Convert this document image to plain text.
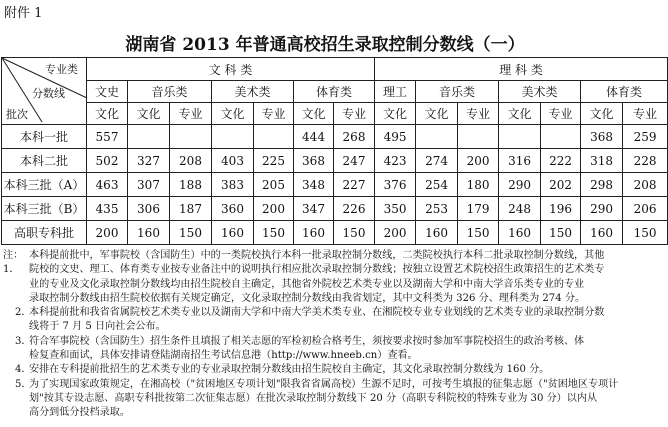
附件 1
湖南省 2013 年普通高校招生录取控制分数线（一）
专业类
分数线
批次	文 科 类							理 科 类						
	文史	音乐类		美术类		体育类		理工	音乐类		美术类		体育类	
	文化	文化	专业	文化	专业	文化	专业	文化	文化	专业	文化	专业	文化	专业
本科一批	557					444	268	495					368	259
本科二批	502	327	208	403	225	368	247	423	274	200	316	222	318	228
本科三批（A）	463	307	188	383	205	348	227	376	254	180	290	202	298	208
本科三批（B）	435	306	187	360	200	347	226	350	253	179	248	196	290	206
高职专科批	200	160	150	160	150	160	150	200	160	150	160	150	160	150
注：1．
本科提前批中，军事院校（含国防生）中的一类院校执行本科一批录取控制分数线，二类院校执行本科二批录取控制分数线，其他
院校的文史、理工、体育类专业按专业备注中的说明执行相应批次录取控制分数线；按独立设置艺术院校招生政策招生的艺术类专
业的专业及文化录取控制分数线均由招生院校自主确定，其他省外院校艺术类专业以及湖南大学和中南大学音乐类专业的专业
录取控制分数线由招生院校依据有关规定确定，文化录取控制分数线由我省划定，其中文科类为 326 分、理科类为 274 分。
2．
本科提前批和我省省属院校艺术类专业以及湖南大学和中南大学美术类专业、在湘院校专业专业划线的艺术类专业的录取控制分数
线将于 7 月 5 日向社会公布。
3．
符合军事院校（含国防生）招生条件且填报了相关志愿的军检初检合格考生，须按要求按时参加军事院校招生的政治考核、体
检复查和面试，具体安排请登陆湖南招生考试信息港（http://www.hneeb.cn）查看。
4．
安排在专科提前批招生的艺术类专业的专业录取控制分数线由招生院校自主确定，其文化录取控制分数线为 160 分。
5．
为了实现国家政策规定，在湘高校（"贫困地区专项计划"限我省省属高校）生源不足时，可按考生填报的征集志愿（"贫困地区专项计
划"按其专设志愿、高职专科批按第二次征集志愿）在批次录取控制分数线下 20 分（高职专科院校的特殊专业为 30 分）以内从
高分到低分投档录取。
